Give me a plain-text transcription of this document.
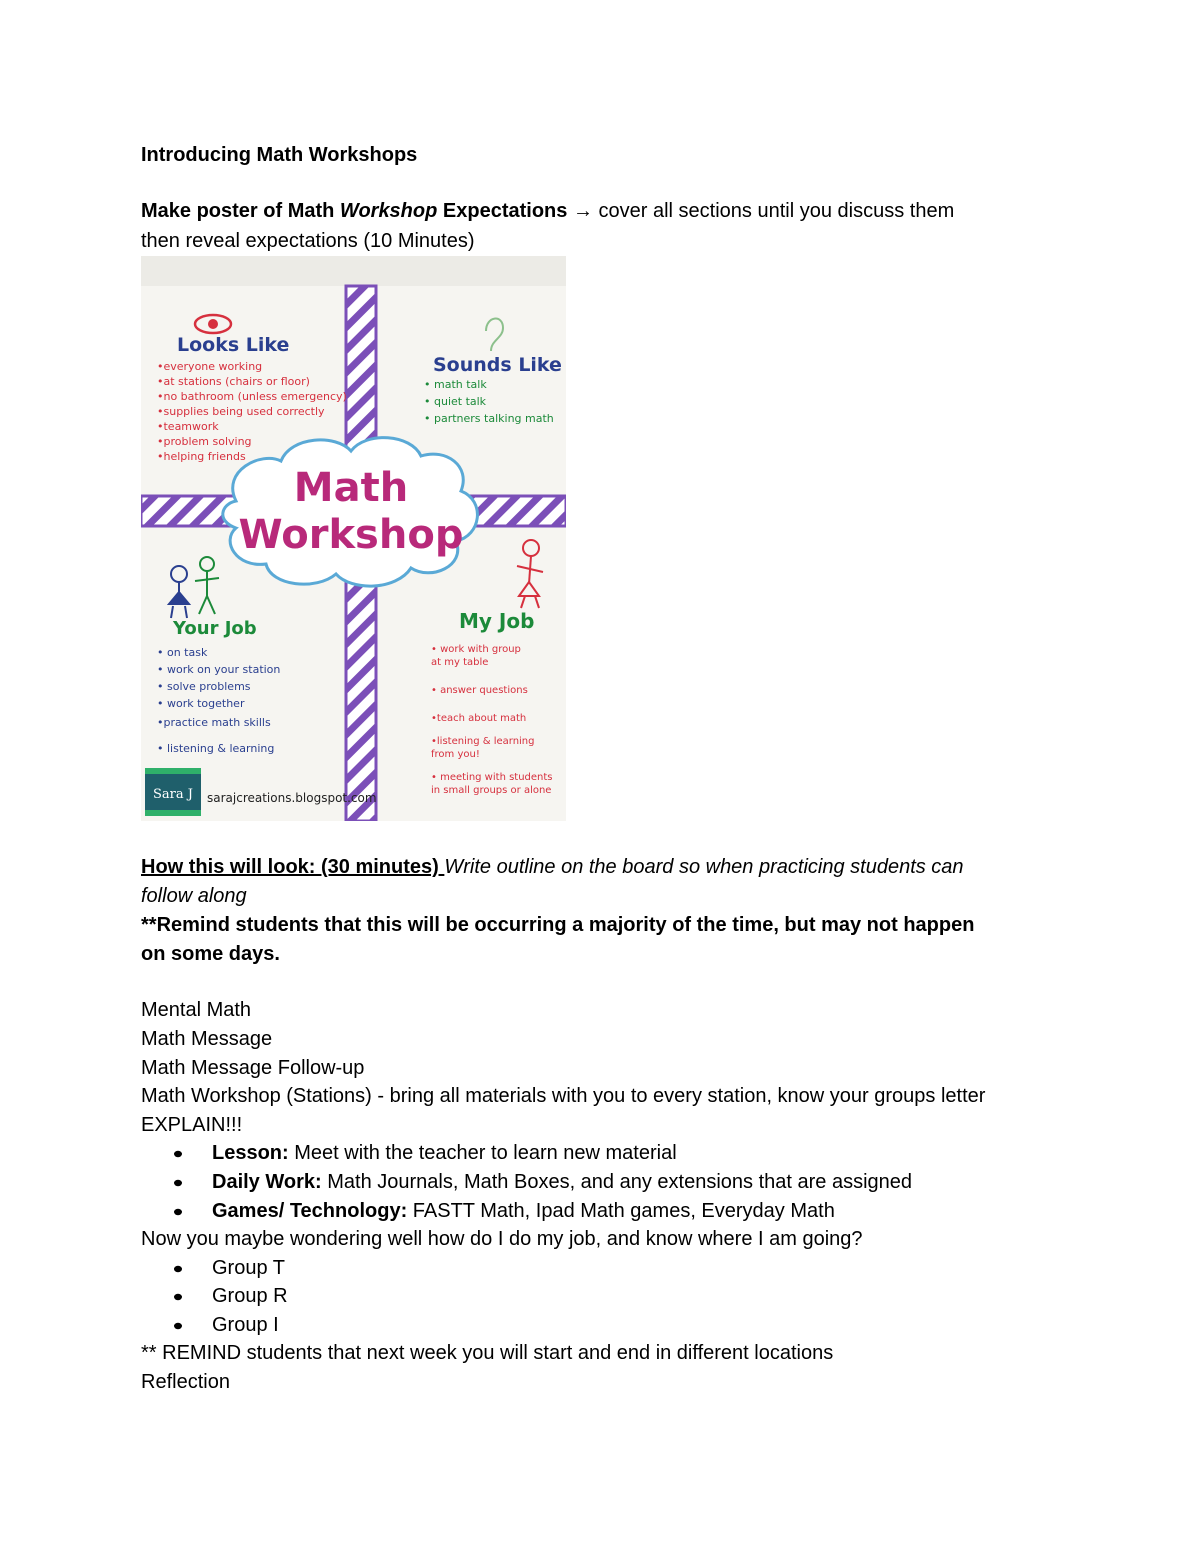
Introducing Math Workshops
Make poster of Math Workshop Expectations → cover all sections until you discuss them
then reveal expectations (10 Minutes)
Math
Workshop
Looks Like
•everyone working
•at stations (chairs or floor)
•no bathroom (unless emergency)
•supplies being used correctly
•teamwork
•problem solving
•helping friends
Sounds Like
• math talk
• quiet talk
• partners talking math
Your Job
• on task
• work on your station
• solve problems
• work together
•practice math skills
• listening & learning
My Job
• work with group
at my table
• answer questions
•teach about math
•listening & learning
from you!
• meeting with students
in small groups or alone
Sara J sarajcreations.blogspot.com
How this will look: (30 minutes) Write outline on the board so when practicing students can
follow along
**Remind students that this will be occurring a majority of the time, but may not happen
on some days.
Mental Math
Math Message
Math Message Follow-up
Math Workshop (Stations) - bring all materials with you to every station, know your groups letter
EXPLAIN!!!
Lesson: Meet with the teacher to learn new material
Daily Work: Math Journals, Math Boxes, and any extensions that are assigned
Games/ Technology: FASTT Math, Ipad Math games, Everyday Math
Now you maybe wondering well how do I do my job, and know where I am going?
Group T
Group R
Group I
** REMIND students that next week you will start and end in different locations
Reflection
